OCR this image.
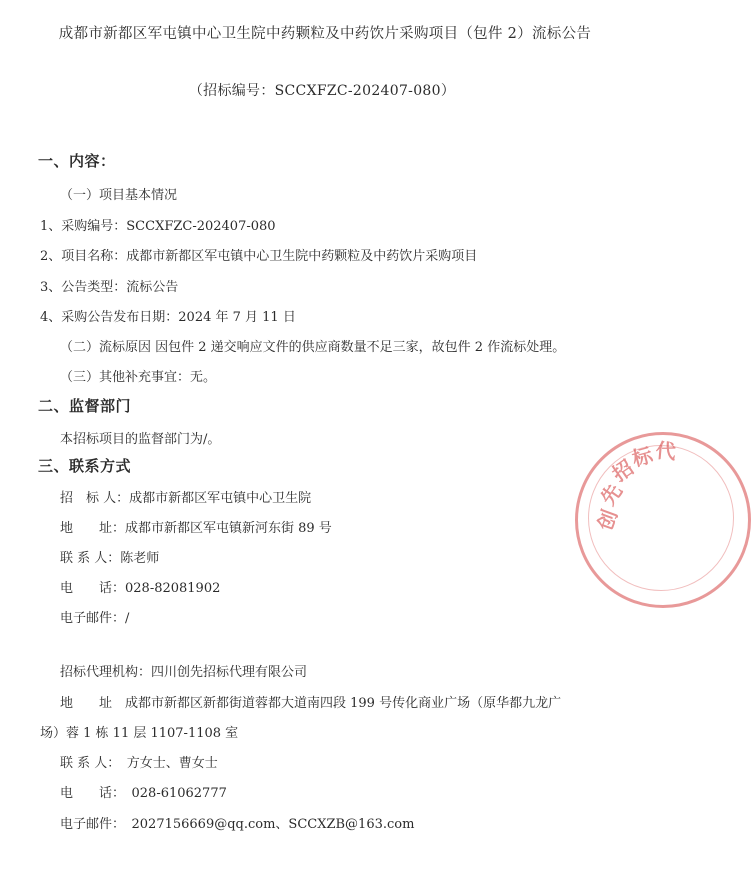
成都市新都区军屯镇中心卫生院中药颗粒及中药饮片采购项目（包件 2）流标公告
（招标编号：SCCXFZC-202407-080）
一、内容：
（一）项目基本情况
1、采购编号：SCCXFZC-202407-080
2、项目名称：成都市新都区军屯镇中心卫生院中药颗粒及中药饮片采购项目
3、公告类型：流标公告
4、采购公告发布日期：2024 年 7 月 11 日
（二）流标原因 因包件 2 递交响应文件的供应商数量不足三家，故包件 2 作流标处理。
（三）其他补充事宜：无。
二、监督部门
本招标项目的监督部门为/。
三、联系方式
招　标 人：成都市新都区军屯镇中心卫生院
地　　址：成都市新都区军屯镇新河东街 89 号
联 系 人：陈老师
电　　话：028-82081902
电子邮件：/
招标代理机构：四川创先招标代理有限公司
地　　址　成都市新都区新都街道蓉都大道南四段 199 号传化商业广场（原华都九龙广
场）蓉 1 栋 11 层 1107-1108 室
联 系 人：　方女士、曹女士
电　　话：　028-61062777
电子邮件：　2027156669@qq.com、SCCXZB@163.com
创
先
招
标 代
